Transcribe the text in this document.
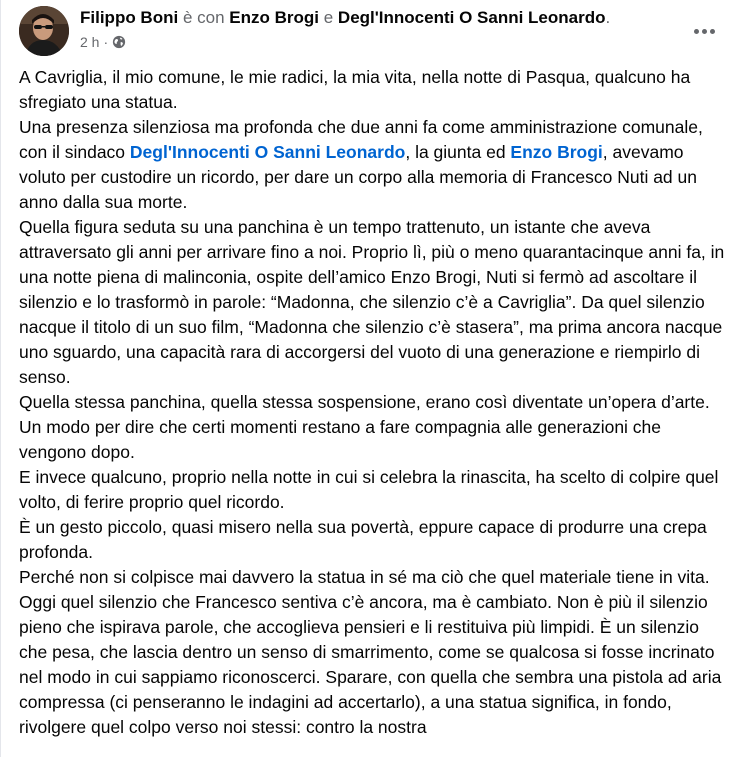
Filippo Boni è con Enzo Brogi e Degl'Innocenti O Sanni Leonardo.
2 h ·

A Cavriglia, il mio comune, le mie radici, la mia vita, nella notte di Pasqua, qualcuno ha sfregiato una statua.

Una presenza silenziosa ma profonda che due anni fa come amministrazione comunale, con il sindaco Degl'Innocenti O Sanni Leonardo, la giunta ed Enzo Brogi, avevamo voluto per custodire un ricordo, per dare un corpo alla memoria di Francesco Nuti ad un anno dalla sua morte.

Quella figura seduta su una panchina è un tempo trattenuto, un istante che aveva attraversato gli anni per arrivare fino a noi. Proprio lì, più o meno quarantacinque anni fa, in una notte piena di malinconia, ospite dell’amico Enzo Brogi, Nuti si fermò ad ascoltare il silenzio e lo trasformò in parole: “Madonna, che silenzio c’è a Cavriglia”. Da quel silenzio nacque il titolo di un suo film, “Madonna che silenzio c’è stasera”, ma prima ancora nacque uno sguardo, una capacità rara di accorgersi del vuoto di una generazione e riempirlo di senso.

Quella stessa panchina, quella stessa sospensione, erano così diventate un’opera d’arte. Un modo per dire che certi momenti restano a fare compagnia alle generazioni che vengono dopo.

E invece qualcuno, proprio nella notte in cui si celebra la rinascita, ha scelto di colpire quel volto, di ferire proprio quel ricordo.

È un gesto piccolo, quasi misero nella sua povertà, eppure capace di produrre una crepa profonda.

Perché non si colpisce mai davvero la statua in sé ma ciò che quel materiale tiene in vita.

Oggi quel silenzio che Francesco sentiva c’è ancora, ma è cambiato. Non è più il silenzio pieno che ispirava parole, che accoglieva pensieri e li restituiva più limpidi. È un silenzio che pesa, che lascia dentro un senso di smarrimento, come se qualcosa si fosse incrinato nel modo in cui sappiamo riconoscerci. Sparare, con quella che sembra una pistola ad aria compressa (ci penseranno le indagini ad accertarlo), a una statua significa, in fondo, rivolgere quel colpo verso noi stessi: contro la nostra
